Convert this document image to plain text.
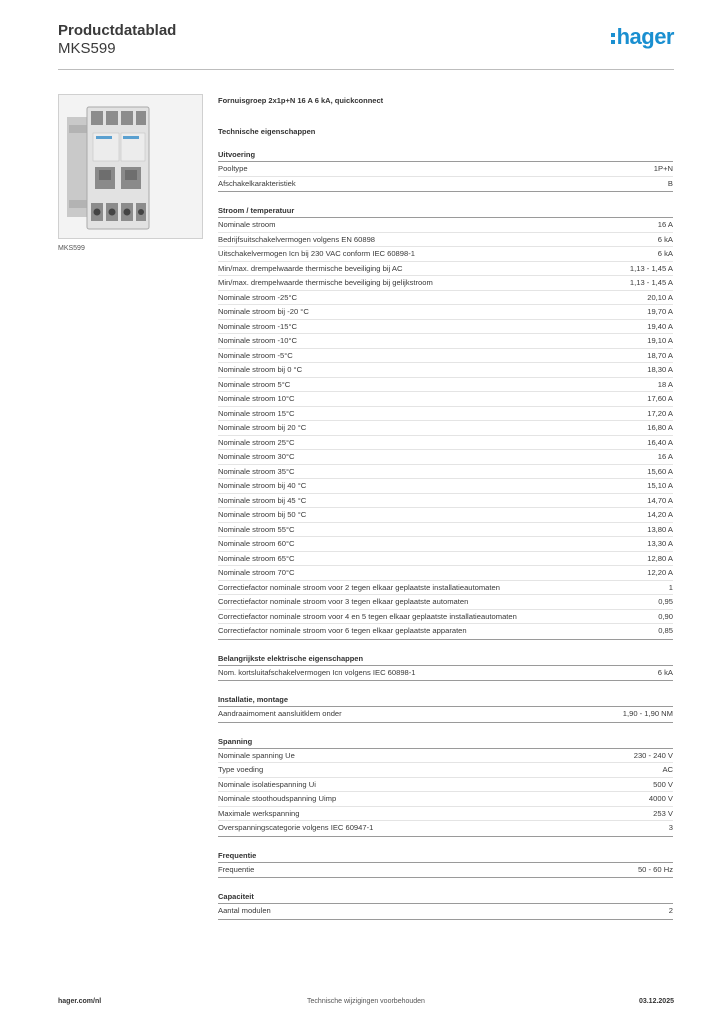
Productdatablad
MKS599	hager
MKS599
Fornuisgroep 2x1p+N 16 A 6 kA, quickconnect
Technische eigenschappen
Uitvoering
Pooltype	1P+N
Afschakelkarakteristiek	B
Stroom / temperatuur
Nominale stroom	16 A
Bedrijfsuitschakelvermogen volgens EN 60898	6 kA
Uitschakelvermogen Icn bij 230 VAC conform IEC 60898-1	6 kA
Min/max. drempelwaarde thermische beveiliging bij AC	1,13 - 1,45 A
Min/max. drempelwaarde thermische beveiliging bij gelijkstroom	1,13 - 1,45 A
Nominale stroom -25°C	20,10 A
Nominale stroom bij -20 °C	19,70 A
Nominale stroom -15°C	19,40 A
Nominale stroom -10°C	19,10 A
Nominale stroom -5°C	18,70 A
Nominale stroom bij 0 °C	18,30 A
Nominale stroom 5°C	18 A
Nominale stroom 10°C	17,60 A
Nominale stroom 15°C	17,20 A
Nominale stroom bij 20 °C	16,80 A
Nominale stroom 25°C	16,40 A
Nominale stroom 30°C	16 A
Nominale stroom 35°C	15,60 A
Nominale stroom bij 40 °C	15,10 A
Nominale stroom bij 45 °C	14,70 A
Nominale stroom bij 50 °C	14,20 A
Nominale stroom 55°C	13,80 A
Nominale stroom 60°C	13,30 A
Nominale stroom 65°C	12,80 A
Nominale stroom 70°C	12,20 A
Correctiefactor nominale stroom voor 2 tegen elkaar geplaatste installatieautomaten	1
Correctiefactor nominale stroom voor 3 tegen elkaar geplaatste automaten	0,95
Correctiefactor nominale stroom voor 4 en 5 tegen elkaar geplaatste installatieautomaten	0,90
Correctiefactor nominale stroom voor 6 tegen elkaar geplaatste apparaten	0,85
Belangrijkste elektrische eigenschappen
Nom. kortsluitafschakelvermogen Icn volgens IEC 60898-1	6 kA
Installatie, montage
Aandraaimoment aansluitklem onder	1,90 - 1,90 NM
Spanning
Nominale spanning Ue	230 - 240 V
Type voeding	AC
Nominale isolatiespanning Ui	500 V
Nominale stoothoudspanning Uimp	4000 V
Maximale werkspanning	253 V
Overspanningscategorie volgens IEC 60947-1	3
Frequentie
Frequentie	50 - 60 Hz
Capaciteit
Aantal modulen	2
Technische wijzigingen voorbehouden
hager.com/nl	03.12.2025
